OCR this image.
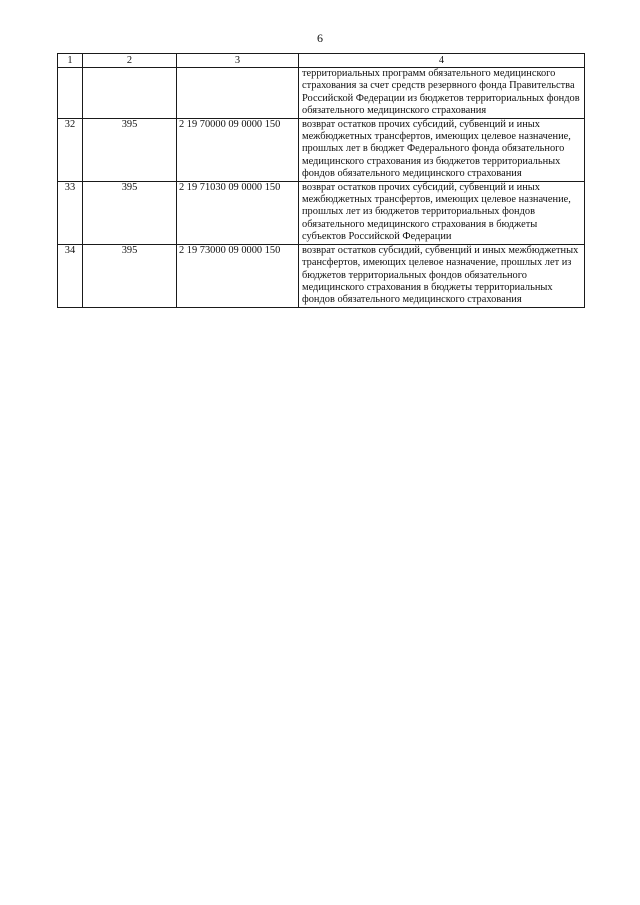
6
1	2	3	4
			территориальных программ обязательного медицинского страхования за счет средств резервного фонда Правительства Российской Федерации из бюджетов территориальных фондов обязательного медицинского страхования
32	395	2 19 70000 09 0000 150	возврат остатков прочих субсидий, субвенций и иных межбюджетных трансфертов, имеющих целевое назначение, прошлых лет в бюджет Федерального фонда обязательного медицинского страхования из бюджетов территориальных фондов обязательного медицинского страхования
33	395	2 19 71030 09 0000 150	возврат остатков прочих субсидий, субвенций и иных межбюджетных трансфертов, имеющих целевое назначение, прошлых лет из бюджетов территориальных фондов обязательного медицинского страхования в бюджеты субъектов Российской Федерации
34	395	2 19 73000 09 0000 150	возврат остатков субсидий, субвенций и иных межбюджетных трансфертов, имеющих целевое назначение, прошлых лет из бюджетов территориальных фондов обязательного медицинского страхования в бюджеты территориальных фондов обязательного медицинского страхования
